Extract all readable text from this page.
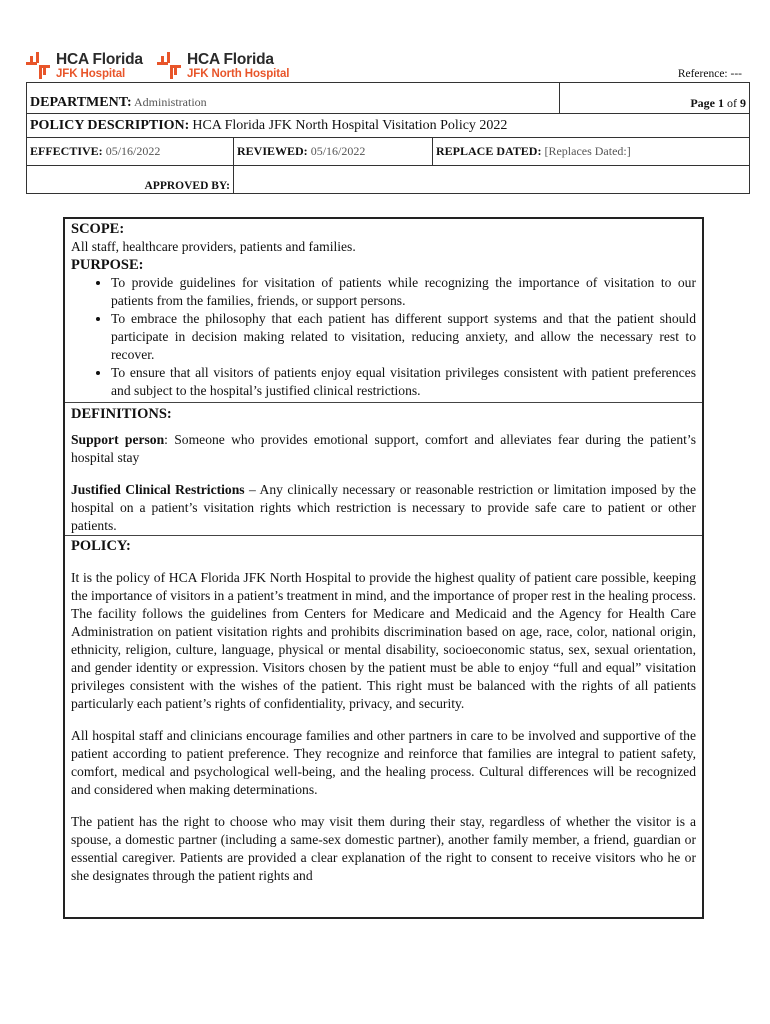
HCA Florida
JFK Hospital
HCA Florida
JFK North Hospital	Reference: ---
DEPARTMENT: Administration			Page 1 of 9
POLICY DESCRIPTION: HCA Florida JFK North Hospital Visitation Policy 2022			
EFFECTIVE: 05/16/2022	REVIEWED: 05/16/2022	REPLACE DATED: [Replaces Dated:]	
APPROVED BY:			
SCOPE:

All staff, healthcare providers, patients and families.

PURPOSE:
• To provide guidelines for visitation of patients while recognizing the importance of visitation to our patients from the families, friends, or support persons.
• To embrace the philosophy that each patient has different support systems and that the patient should participate in decision making related to visitation, reducing anxiety, and allow the necessary rest to recover.
• To ensure that all visitors of patients enjoy equal visitation privileges consistent with patient preferences and subject to the hospital’s justified clinical restrictions.
DEFINITIONS:

Support person: Someone who provides emotional support, comfort and alleviates fear during the patient’s hospital stay

Justified Clinical Restrictions – Any clinically necessary or reasonable restriction or limitation imposed by the hospital on a patient’s visitation rights which restriction is necessary to provide safe care to patient or other patients.

POLICY:

It is the policy of HCA Florida JFK North Hospital to provide the highest quality of patient care possible, keeping the importance of visitors in a patient’s treatment in mind, and the importance of proper rest in the healing process. The facility follows the guidelines from Centers for Medicare and Medicaid and the Agency for Health Care Administration on patient visitation rights and prohibits discrimination based on age, race, color, national origin, ethnicity, religion, culture, language, physical or mental disability, socioeconomic status, sex, sexual orientation, and gender identity or expression. Visitors chosen by the patient must be able to enjoy “full and equal” visitation privileges consistent with the wishes of the patient. This right must be balanced with the rights of all patients particularly each patient’s rights of confidentiality, privacy, and security.

All hospital staff and clinicians encourage families and other partners in care to be involved and supportive of the patient according to patient preference. They recognize and reinforce that families are integral to patient safety, comfort, medical and psychological well-being, and the healing process. Cultural differences will be recognized and considered when making determinations.

The patient has the right to choose who may visit them during their stay, regardless of whether the visitor is a spouse, a domestic partner (including a same-sex domestic partner), another family member, a friend, guardian or essential caregiver. Patients are provided a clear explanation of the right to consent to receive visitors who he or she designates through the patient rights and
